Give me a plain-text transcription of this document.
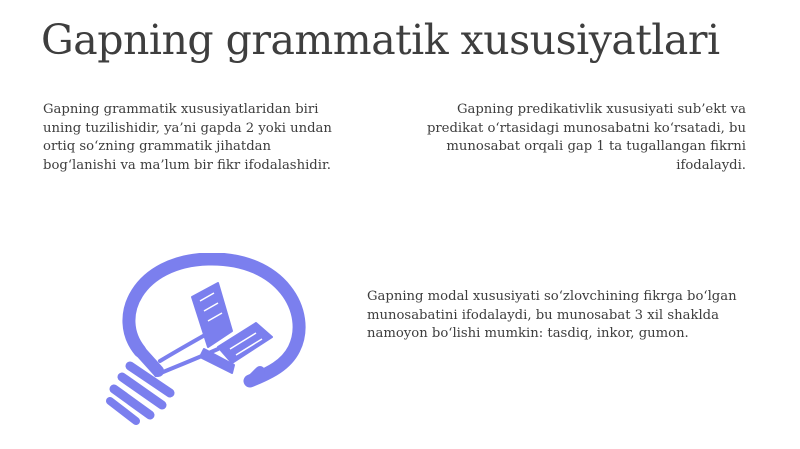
Gapning grammatik xususiyatlari

Gapning grammatik xususiyatlaridan biri uning tuzilishidir, ya’ni gapda 2 yoki undan ortiq so‘zning grammatik jihatdan bog‘lanishi va ma’lum bir fikr ifodalashidir.

Gapning predikativlik xususiyati sub’ekt va predikat o‘rtasidagi munosabatni ko‘rsatadi, bu munosabat orqali gap 1 ta tugallangan fikrni ifodalaydi.

Gapning modal xususiyati so‘zlovchining fikrga bo‘lgan munosabatini ifodalaydi, bu munosabat 3 xil shaklda namoyon bo‘lishi mumkin: tasdiq, inkor, gumon.
